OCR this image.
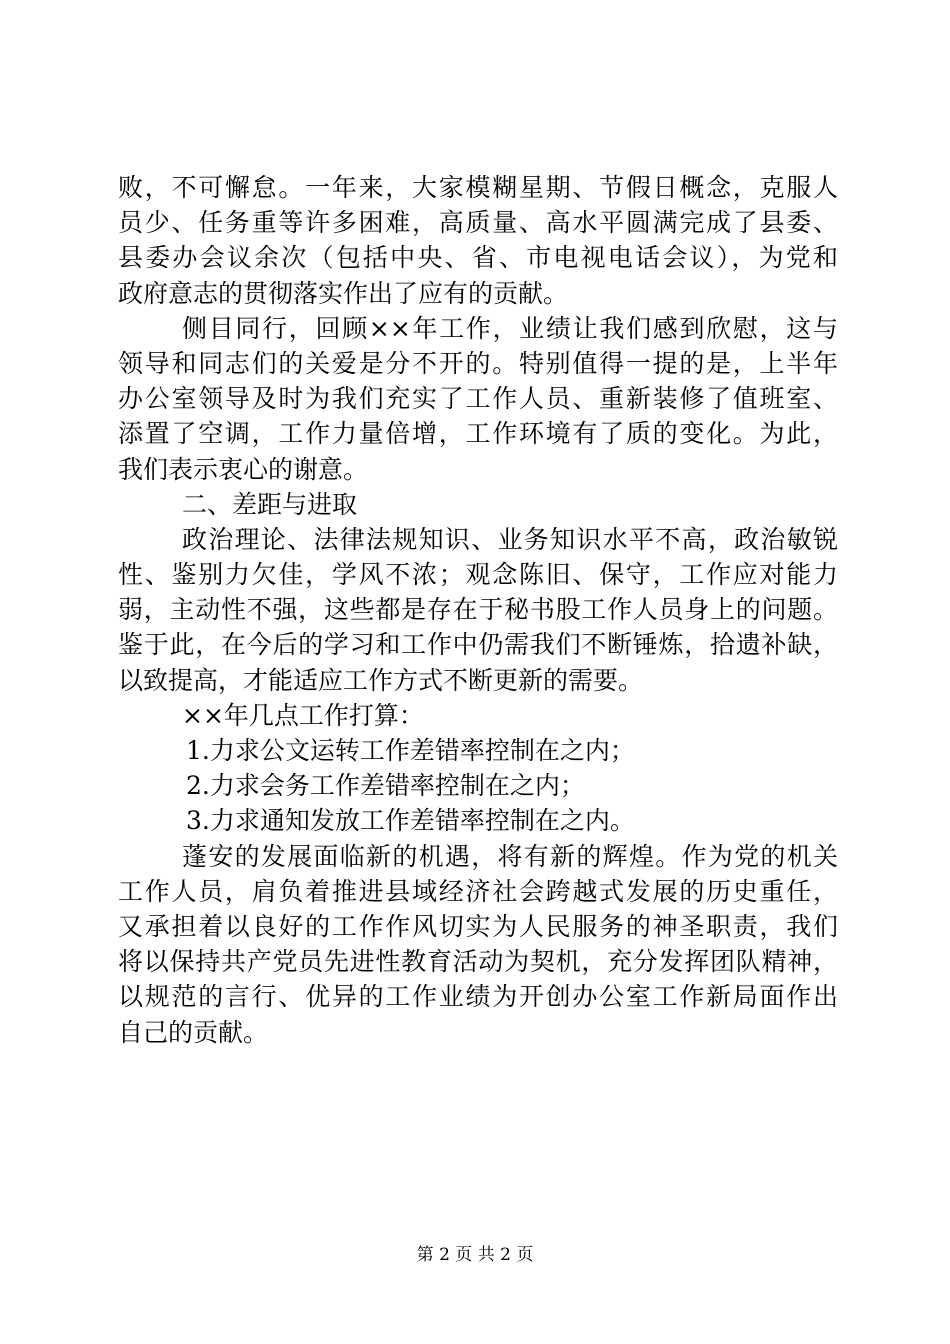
败，不可懈怠。一年来，大家模糊星期、节假日概念，克服人
员少、任务重等许多困难，高质量、高水平圆满完成了县委、
县委办会议余次（包括中央、省、市电视电话会议），为党和
政府意志的贯彻落实作出了应有的贡献。
侧目同行，回顾××年工作，业绩让我们感到欣慰，这与
领导和同志们的关爱是分不开的。特别值得一提的是，上半年
办公室领导及时为我们充实了工作人员、重新装修了值班室、
添置了空调，工作力量倍增，工作环境有了质的变化。为此，
我们表示衷心的谢意。
二、差距与进取
政治理论、法律法规知识、业务知识水平不高，政治敏锐
性、鉴别力欠佳，学风不浓；观念陈旧、保守，工作应对能力
弱，主动性不强，这些都是存在于秘书股工作人员身上的问题。
鉴于此，在今后的学习和工作中仍需我们不断锤炼，拾遗补缺，
以致提高，才能适应工作方式不断更新的需要。
××年几点工作打算：
1.力求公文运转工作差错率控制在之内；
2.力求会务工作差错率控制在之内；
3.力求通知发放工作差错率控制在之内。
蓬安的发展面临新的机遇，将有新的辉煌。作为党的机关
工作人员，肩负着推进县域经济社会跨越式发展的历史重任，
又承担着以良好的工作作风切实为人民服务的神圣职责，我们
将以保持共产党员先进性教育活动为契机，充分发挥团队精神，
以规范的言行、优异的工作业绩为开创办公室工作新局面作出
自己的贡献。
第 2 页 共 2 页
